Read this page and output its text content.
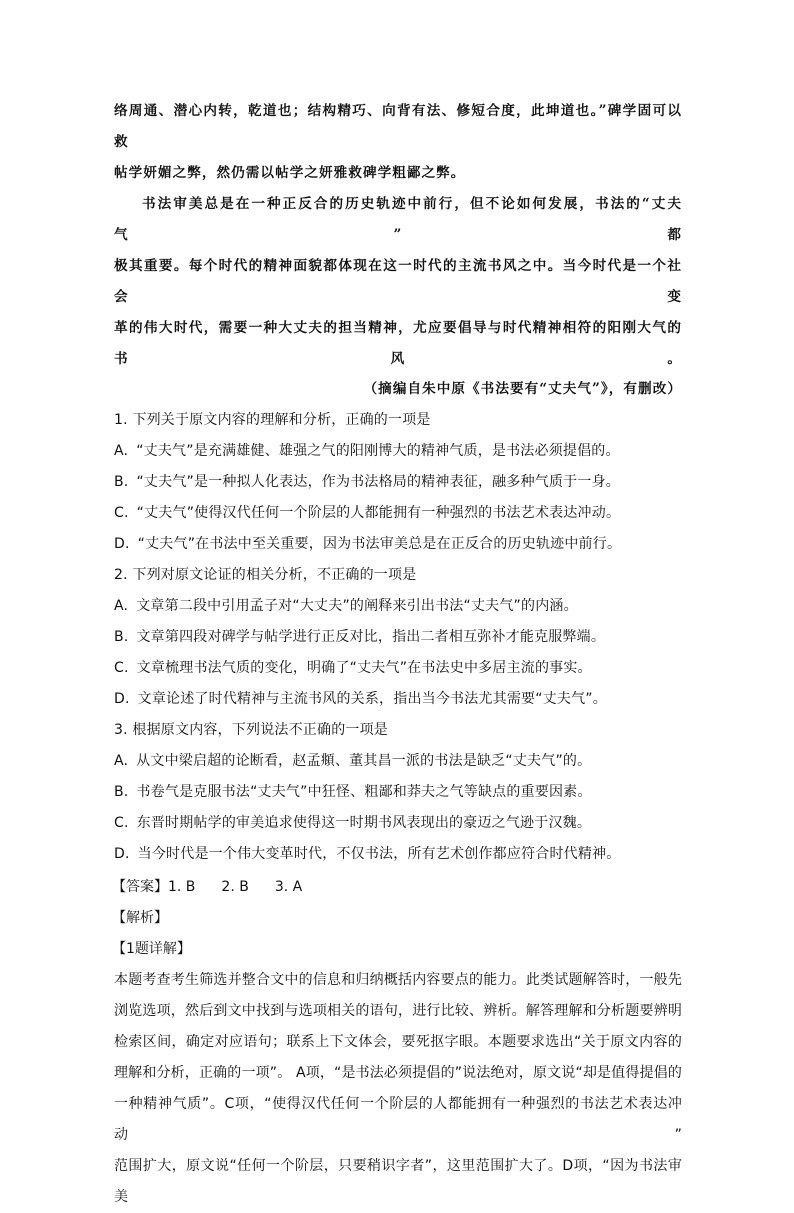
络周通、潜心内转，乾道也；结构精巧、向背有法、修短合度，此坤道也。”碑学固可以救

帖学妍媚之弊，然仍需以帖学之妍雅救碑学粗鄙之弊。

书法审美总是在一种正反合的历史轨迹中前行，但不论如何发展，书法的“丈夫气”都

极其重要。每个时代的精神面貌都体现在这一时代的主流书风之中。当今时代是一个社会变

革的伟大时代，需要一种大丈夫的担当精神，尤应要倡导与时代精神相符的阳刚大气的书风。

（摘编自朱中原《书法要有“丈夫气”》，有删改）

1. 下列关于原文内容的理解和分析，正确的一项是

A. “丈夫气”是充满雄健、雄强之气的阳刚博大的精神气质，是书法必须提倡的。

B. “丈夫气”是一种拟人化表达，作为书法格局的精神表征，融多种气质于一身。

C. “丈夫气”使得汉代任何一个阶层的人都能拥有一种强烈的书法艺术表达冲动。

D. “丈夫气”在书法中至关重要，因为书法审美总是在正反合的历史轨迹中前行。

2. 下列对原文论证的相关分析，不正确的一项是

A. 文章第二段中引用孟子对“大丈夫”的阐释来引出书法“丈夫气”的内涵。

B. 文章第四段对碑学与帖学进行正反对比，指出二者相互弥补才能克服弊端。

C. 文章梳理书法气质的变化，明确了“丈夫气”在书法史中多居主流的事实。

D. 文章论述了时代精神与主流书风的关系，指出当今书法尤其需要“丈夫气”。

3. 根据原文内容，下列说法不正确的一项是

A. 从文中梁启超的论断看，赵孟頫、董其昌一派的书法是缺乏“丈夫气”的。

B. 书卷气是克服书法“丈夫气”中狂怪、粗鄙和莽夫之气等缺点的重要因素。

C. 东晋时期帖学的审美追求使得这一时期书风表现出的豪迈之气逊于汉魏。

D. 当今时代是一个伟大变革时代，不仅书法，所有艺术创作都应符合时代精神。

【答案】1. B 2. B 3. A

【解析】

【1题详解】

本题考查考生筛选并整合文中的信息和归纳概括内容要点的能力。此类试题解答时，一般先

浏览选项，然后到文中找到与选项相关的语句，进行比较、辨析。解答理解和分析题要辨明

检索区间，确定对应语句；联系上下文体会，要死抠字眼。本题要求选出“关于原文内容的

理解和分析，正确的一项”。 A项，“是书法必须提倡的”说法绝对，原文说“却是值得提倡的

一种精神气质”。C项，“使得汉代任何一个阶层的人都能拥有一种强烈的书法艺术表达冲动”

范围扩大，原文说“任何一个阶层，只要稍识字者”，这里范围扩大了。D项，“因为书法审美
